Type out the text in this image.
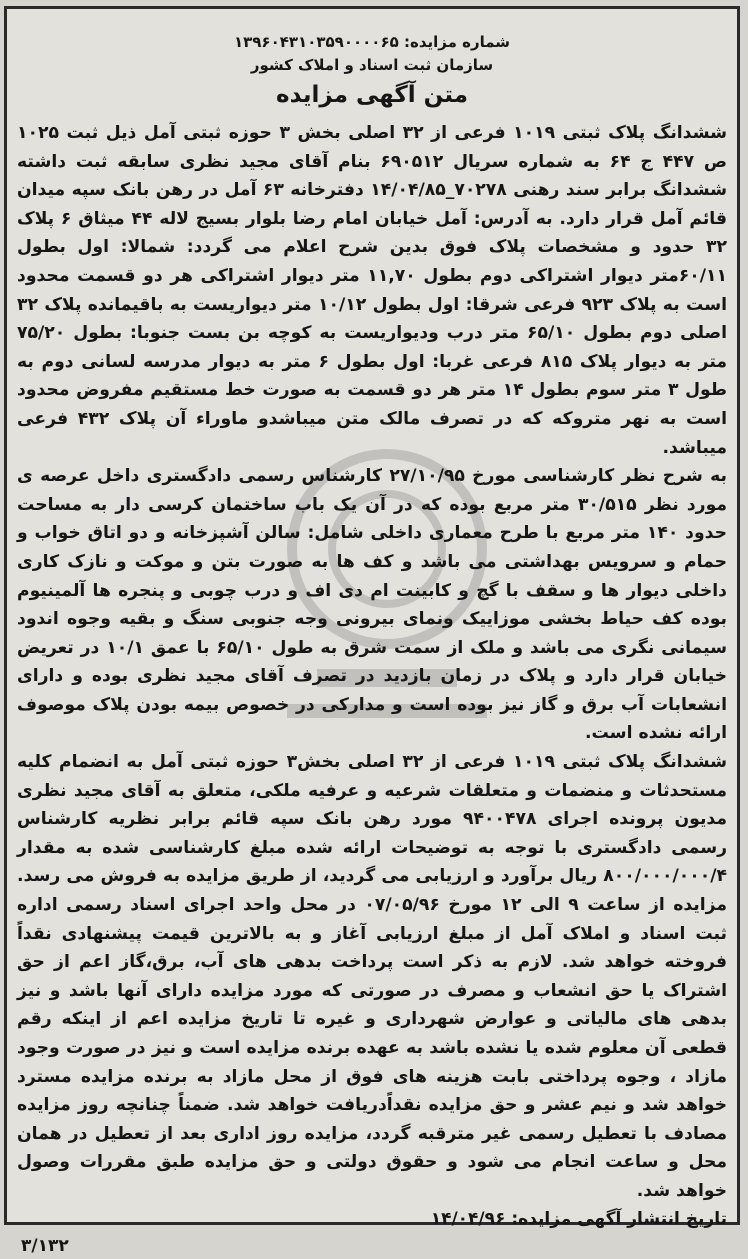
شماره مزایده: ۱۳۹۶۰۴۳۱۰۳۵۹۰۰۰۰۶۵

سازمان ثبت اسناد و املاک کشور

متن آگهی مزایده

ششدانگ پلاک ثبتی ۱۰۱۹ فرعی از ۳۲ اصلی بخش ۳ حوزه ثبتی آمل ذیل ثبت ۱۰۲۵ ص ۴۴۷ ج ۶۴ به شماره سریال ۶۹۰۵۱۲ بنام آقای مجید نظری سابقه ثبت داشته ششدانگ برابر سند رهنی ۷۰۲۷۸_۱۴/۰۴/۸۵ دفترخانه ۶۳ آمل در رهن بانک سپه میدان قائم آمل قرار دارد. به آدرس: آمل خیابان امام رضا بلوار بسیج لاله ۴۴ میثاق ۶ پلاک ۳۲ حدود و مشخصات پلاک فوق بدین شرح اعلام می گردد: شمالا: اول بطول ۶۰/۱۱متر دیوار اشتراکی دوم بطول ۱۱,۷۰ متر دیوار اشتراکی هر دو قسمت محدود است به پلاک ۹۲۳ فرعی شرقا: اول بطول ۱۰/۱۲ متر دیواریست به باقیمانده پلاک ۳۲ اصلی دوم بطول ۶۵/۱۰ متر درب ودیواریست به کوچه بن بست جنوبا: بطول ۷۵/۲۰ متر به دیوار پلاک ۸۱۵ فرعی غربا: اول بطول ۶ متر به دیوار مدرسه لسانی دوم به طول ۳ متر سوم بطول ۱۴ متر هر دو قسمت به صورت خط مستقیم مفروض محدود است به نهر متروکه که در تصرف مالک متن میباشدو ماوراء آن پلاک ۴۳۲ فرعی میباشد.

به شرح نظر کارشناسی مورخ ۲۷/۱۰/۹۵ کارشناس رسمی دادگستری داخل عرصه ی مورد نظر ۳۰/۵۱۵ متر مربع بوده که در آن یک باب ساختمان کرسی دار به مساحت حدود ۱۴۰ متر مربع با طرح معماری داخلی شامل: سالن آشپزخانه و دو اتاق خواب و حمام و سرویس بهداشتی می باشد و کف ها به صورت بتن و موکت و نازک کاری داخلی دیوار ها و سقف با گچ و کابینت ام دی اف و درب چوبی و پنجره ها آلمینیوم بوده کف حیاط بخشی موزاییک ونمای بیرونی وجه جنوبی سنگ و بقیه وجوه اندود سیمانی نگری می باشد و ملک از سمت شرق به طول ۶۵/۱۰ با عمق ۱۰/۱ در تعریض خیابان قرار دارد و پلاک در زمان بازدید در تصرف آقای مجید نظری بوده و دارای انشعابات آب برق و گاز نیز بوده است و مدارکی در خصوص بیمه بودن پلاک موصوف ارائه نشده است.

ششدانگ پلاک ثبتی ۱۰۱۹ فرعی از ۳۲ اصلی بخش۳ حوزه ثبتی آمل به انضمام کلیه مستحدثات و منضمات و متعلقات شرعیه و عرفیه ملکی، متعلق به آقای مجید نظری مدیون پرونده اجرای ۹۴۰۰۴۷۸ مورد رهن بانک سپه قائم برابر نظریه کارشناس رسمی دادگستری با توجه به توضیحات ارائه شده مبلغ کارشناسی شده به مقدار ۸۰۰/۰۰۰/۰۰۰/۴ ریال برآورد و ارزیابی می گردید، از طریق مزایده به فروش می رسد. مزایده از ساعت ۹ الی ۱۲ مورخ ۰۷/۰۵/۹۶ در محل واحد اجرای اسناد رسمی اداره ثبت اسناد و املاک آمل از مبلغ ارزیابی آغاز و به بالاترین قیمت پیشنهادی نقداً فروخته خواهد شد. لازم به ذکر است پرداخت بدهی های آب، برق،گاز اعم از حق اشتراک یا حق انشعاب و مصرف در صورتی که مورد مزایده دارای آنها باشد و نیز بدهی های مالیاتی و عوارض شهرداری و غیره تا تاریخ مزایده اعم از اینکه رقم قطعی آن معلوم شده یا نشده باشد به عهده برنده مزایده است و نیز در صورت وجود مازاد ، وجوه پرداختی بابت هزینه های فوق از محل مازاد به برنده مزایده مسترد خواهد شد و نیم عشر و حق مزایده نقداًدریافت خواهد شد. ضمناً چنانچه روز مزایده مصادف با تعطیل رسمی غیر مترقبه گردد، مزایده روز اداری بعد از تعطیل در همان محل و ساعت انجام می شود و حقوق دولتی و حق مزایده طبق مقررات وصول خواهد شد.

تاریخ انتشار آگهی مزایده: ۱۴/۰۴/۹۶

۳/۱۳۲
